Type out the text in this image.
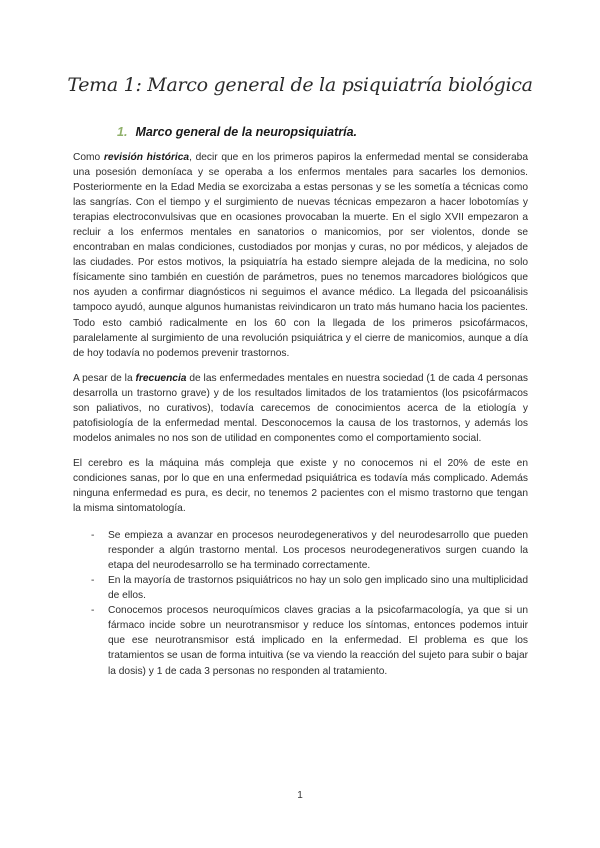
Tema 1: Marco general de la psiquiatría biológica
1. Marco general de la neuropsiquiatría.

Como revisión histórica, decir que en los primeros papiros la enfermedad mental se consideraba una posesión demoníaca y se operaba a los enfermos mentales para sacarles los demonios. Posteriormente en la Edad Media se exorcizaba a estas personas y se les sometía a técnicas como las sangrías. Con el tiempo y el surgimiento de nuevas técnicas empezaron a hacer lobotomías y terapias electroconvulsivas que en ocasiones provocaban la muerte. En el siglo XVII empezaron a recluir a los enfermos mentales en sanatorios o manicomios, por ser violentos, donde se encontraban en malas condiciones, custodiados por monjas y curas, no por médicos, y alejados de las ciudades. Por estos motivos, la psiquiatría ha estado siempre alejada de la medicina, no solo físicamente sino también en cuestión de parámetros, pues no tenemos marcadores biológicos que nos ayuden a confirmar diagnósticos ni seguimos el avance médico. La llegada del psicoanálisis tampoco ayudó, aunque algunos humanistas reivindicaron un trato más humano hacia los pacientes. Todo esto cambió radicalmente en los 60 con la llegada de los primeros psicofármacos, paralelamente al surgimiento de una revolución psiquiátrica y el cierre de manicomios, aunque a día de hoy todavía no podemos prevenir trastornos.

A pesar de la frecuencia de las enfermedades mentales en nuestra sociedad (1 de cada 4 personas desarrolla un trastorno grave) y de los resultados limitados de los tratamientos (los psicofármacos son paliativos, no curativos), todavía carecemos de conocimientos acerca de la etiología y patofisiología de la enfermedad mental. Desconocemos la causa de los trastornos, y además los modelos animales no nos son de utilidad en componentes como el comportamiento social.

El cerebro es la máquina más compleja que existe y no conocemos ni el 20% de este en condiciones sanas, por lo que en una enfermedad psiquiátrica es todavía más complicado. Además ninguna enfermedad es pura, es decir, no tenemos 2 pacientes con el mismo trastorno que tengan la misma sintomatología.

- Se empieza a avanzar en procesos neurodegenerativos y del neurodesarrollo que pueden responder a algún trastorno mental. Los procesos neurodegenerativos surgen cuando la etapa del neurodesarrollo se ha terminado correctamente.
- En la mayoría de trastornos psiquiátricos no hay un solo gen implicado sino una multiplicidad de ellos.
- Conocemos procesos neuroquímicos claves gracias a la psicofarmacología, ya que si un fármaco incide sobre un neurotransmisor y reduce los síntomas, entonces podemos intuir que ese neurotransmisor está implicado en la enfermedad. El problema es que los tratamientos se usan de forma intuitiva (se va viendo la reacción del sujeto para subir o bajar la dosis) y 1 de cada 3 personas no responden al tratamiento.
1
